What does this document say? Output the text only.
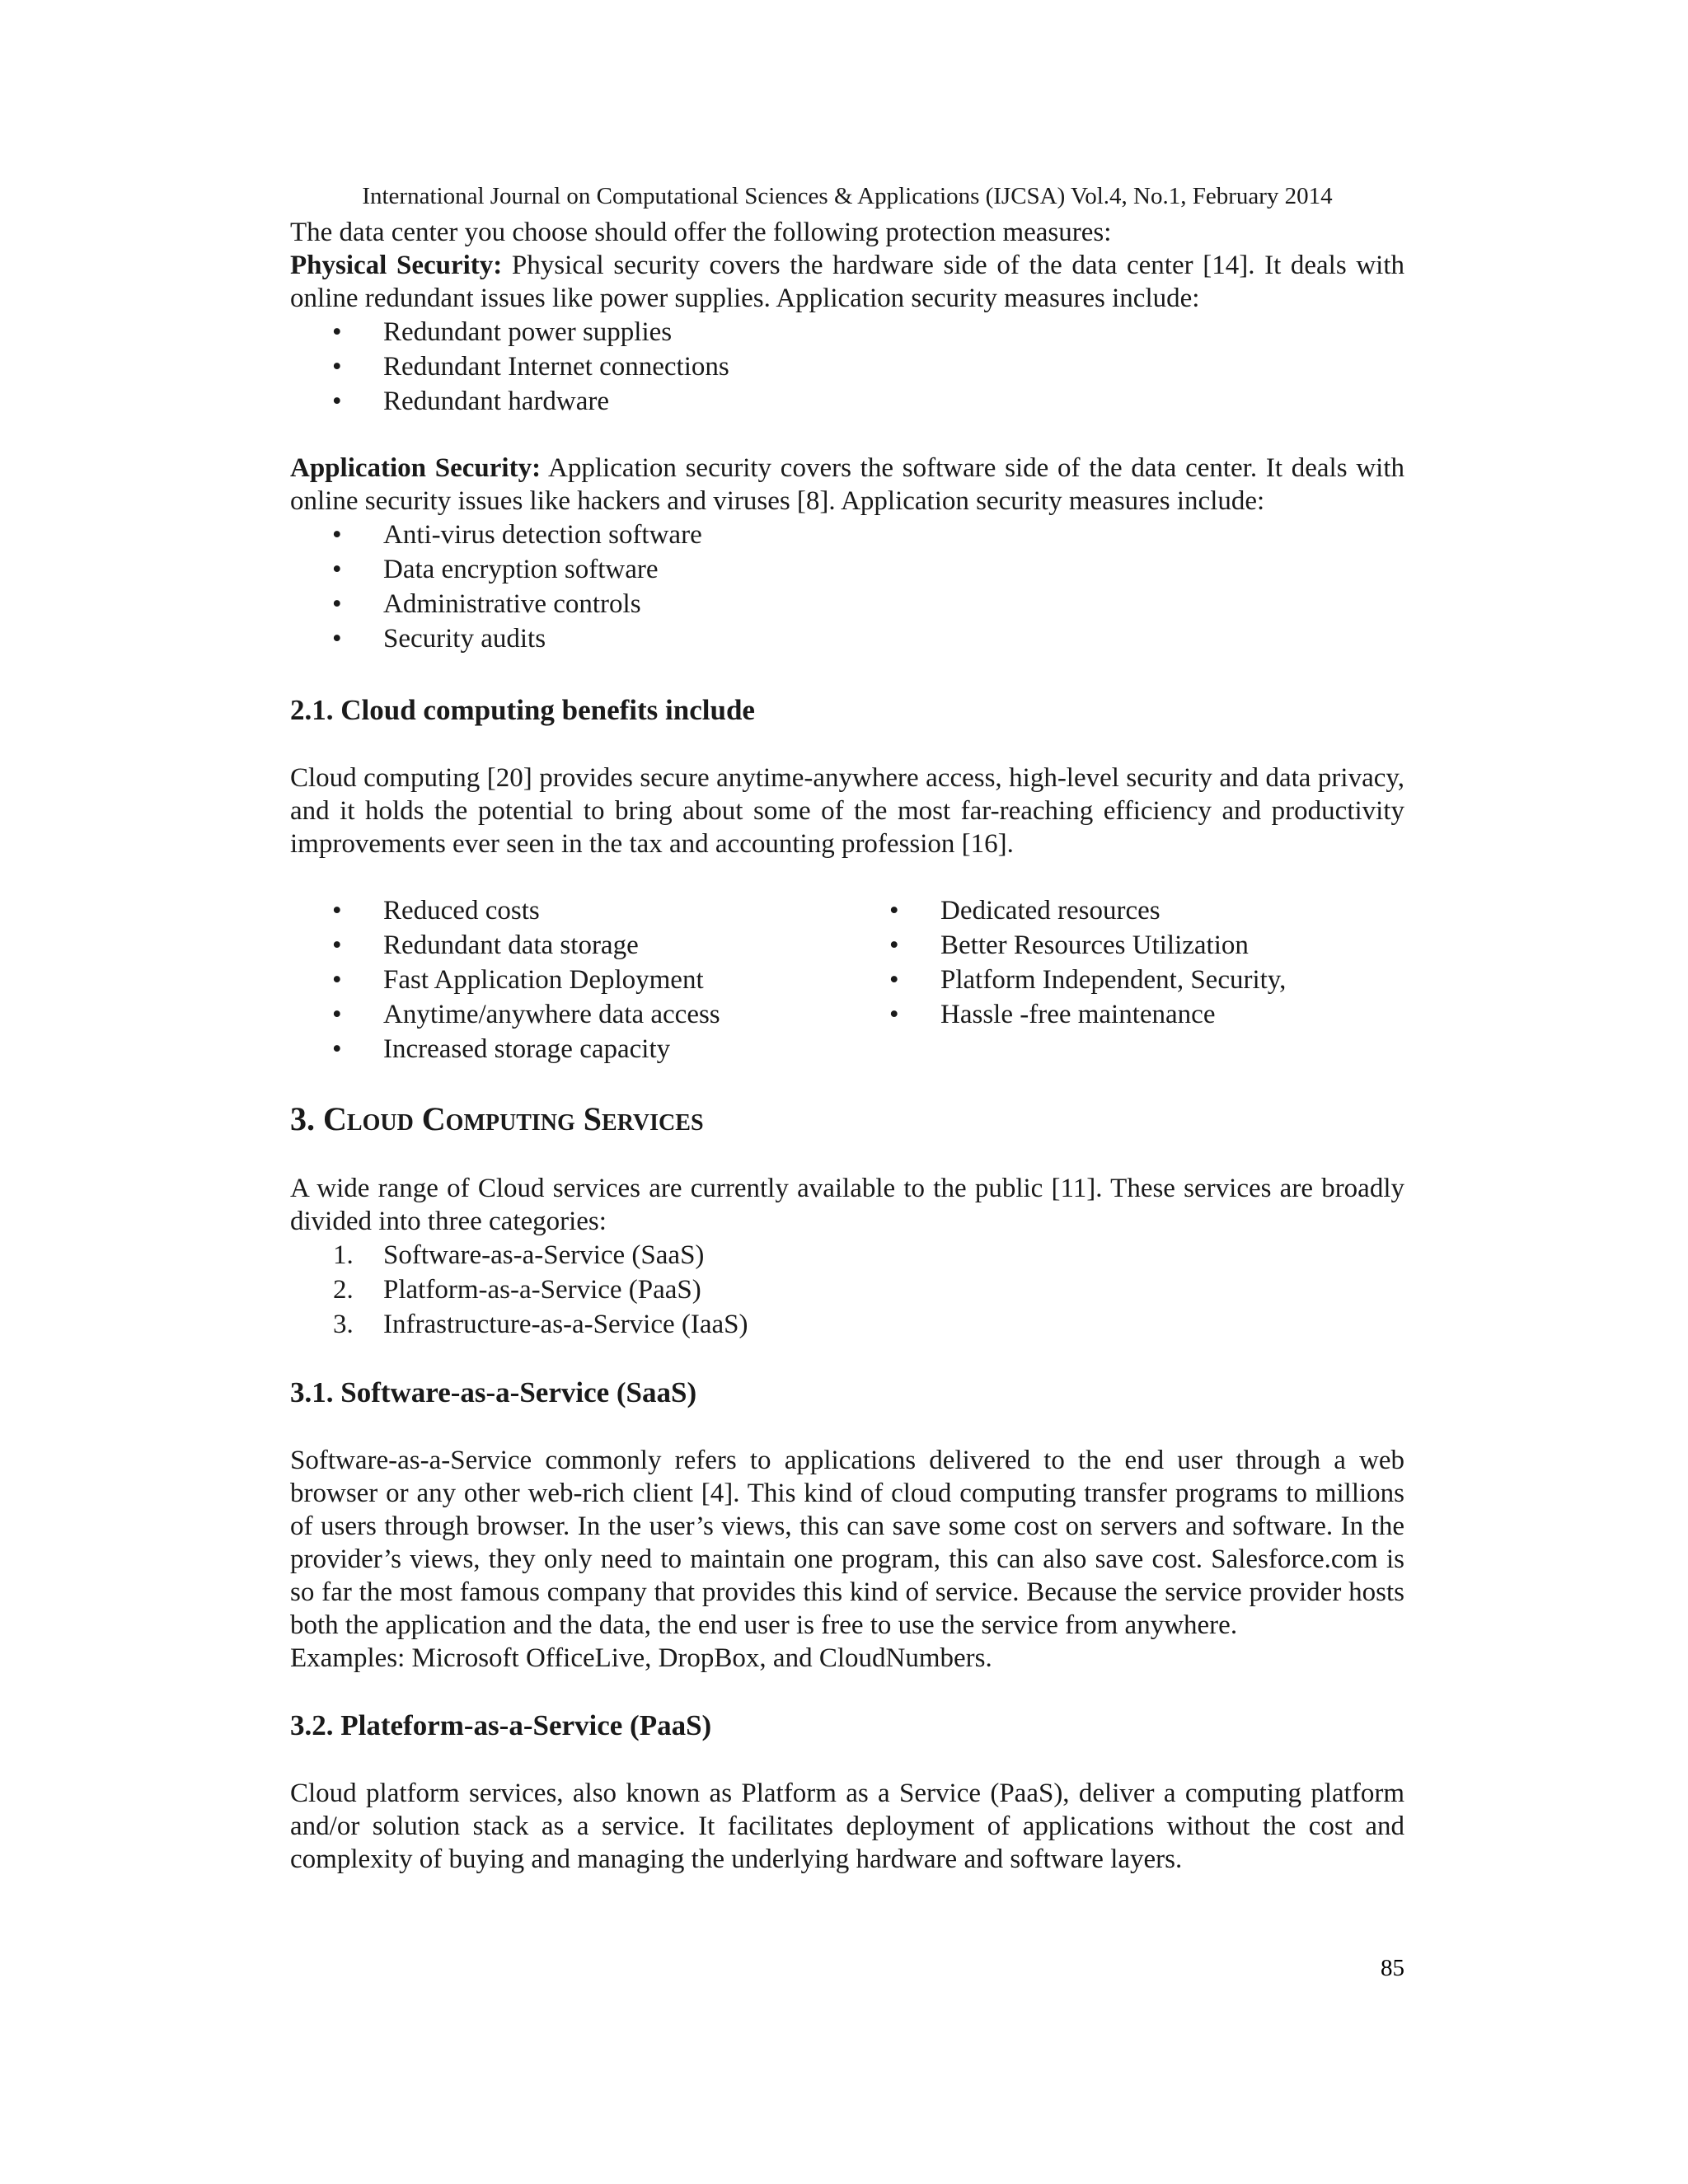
International Journal on Computational Sciences & Applications (IJCSA) Vol.4, No.1, February 2014

The data center you choose should offer the following protection measures:

Physical Security: Physical security covers the hardware side of the data center [14]. It deals with online redundant issues like power supplies. Application security measures include:

• Redundant power supplies
• Redundant Internet connections
• Redundant hardware

Application Security: Application security covers the software side of the data center. It deals with online security issues like hackers and viruses [8]. Application security measures include:

• Anti-virus detection software
• Data encryption software
• Administrative controls
• Security audits
2.1. Cloud computing benefits include

Cloud computing [20] provides secure anytime-anywhere access, high-level security and data privacy, and it holds the potential to bring about some of the most far-reaching efficiency and productivity improvements ever seen in the tax and accounting profession [16].

• Reduced costs
• Redundant data storage
• Fast Application Deployment
• Anytime/anywhere data access
• Increased storage capacity
• Dedicated resources
• Better Resources Utilization
• Platform Independent, Security,
• Hassle -free maintenance
3. Cloud Computing Services

A wide range of Cloud services are currently available to the public [11]. These services are broadly divided into three categories:

1. Software-as-a-Service (SaaS)
2. Platform-as-a-Service (PaaS)
3. Infrastructure-as-a-Service (IaaS)
3.1. Software-as-a-Service (SaaS)

Software-as-a-Service commonly refers to applications delivered to the end user through a web browser or any other web-rich client [4]. This kind of cloud computing transfer programs to millions of users through browser. In the user’s views, this can save some cost on servers and software. In the provider’s views, they only need to maintain one program, this can also save cost. Salesforce.com is so far the most famous company that provides this kind of service. Because the service provider hosts both the application and the data, the end user is free to use the service from anywhere.

Examples: Microsoft OfficeLive, DropBox, and CloudNumbers.

3.2. Plateform-as-a-Service (PaaS)

Cloud platform services, also known as Platform as a Service (PaaS), deliver a computing platform and/or solution stack as a service. It facilitates deployment of applications without the cost and complexity of buying and managing the underlying hardware and software layers.

85
